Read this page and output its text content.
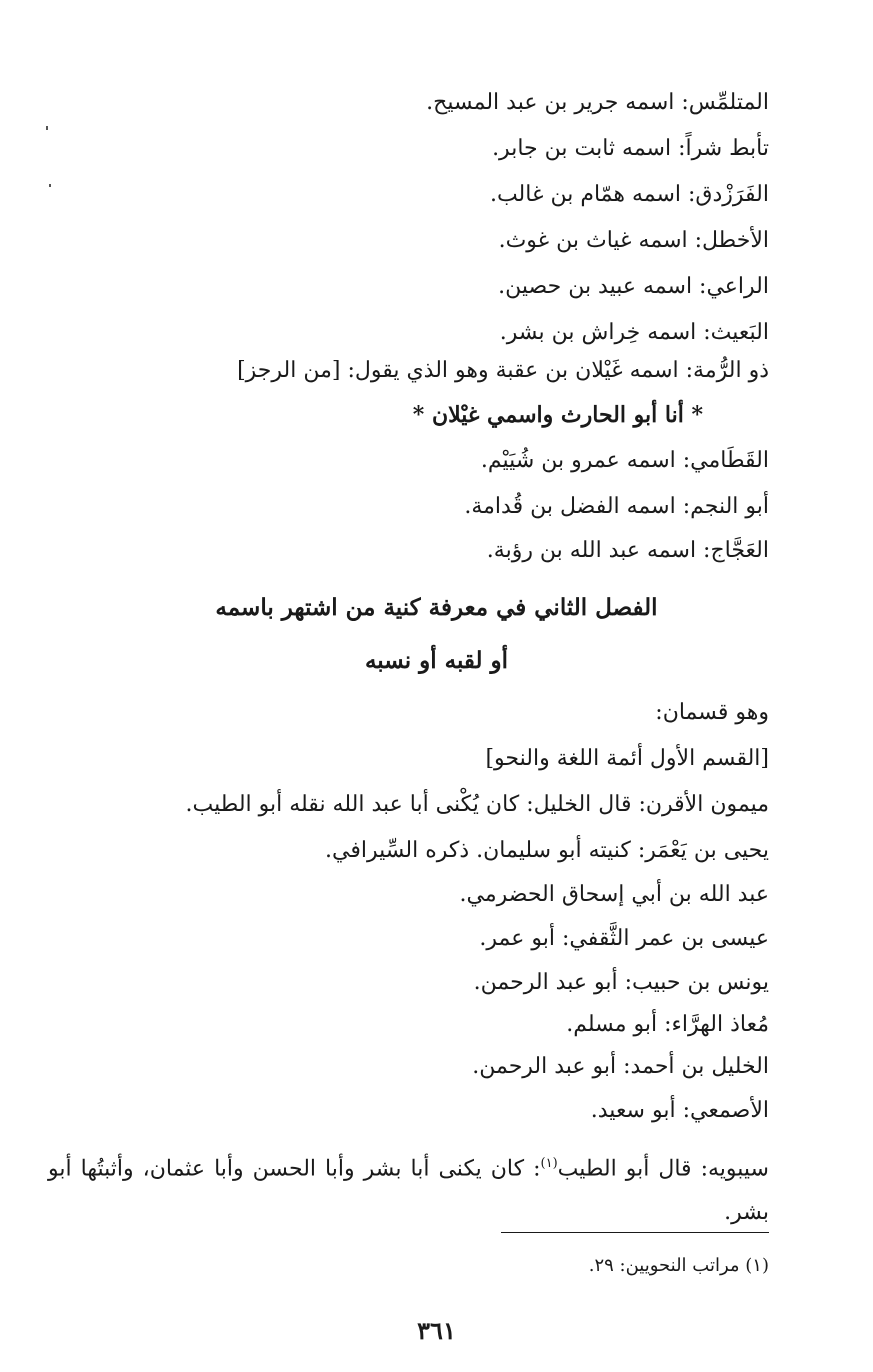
المتلمِّس: اسمه جرير بن عبد المسيح.
تأبط شراً: اسمه ثابت بن جابر.
الفَرَزْدق: اسمه همّام بن غالب.
الأخطل: اسمه غياث بن غوث.
الراعي: اسمه عبيد بن حصين.
البَعيث: اسمه خِراش بن بشر.
ذو الرُّمة: اسمه غَيْلان بن عقبة وهو الذي يقول: [من الرجز]
* أنا أبو الحارث واسمي غيْلان *
القَطَامي: اسمه عمرو بن شُيَيْم.
أبو النجم: اسمه الفضل بن قُدامة.
العَجَّاج: اسمه عبد الله بن رؤبة.
الفصل الثاني في معرفة كنية من اشتهر باسمه
أو لقبه أو نسبه
وهو قسمان:
[القسم الأول أئمة اللغة والنحو]
ميمون الأقرن: قال الخليل: كان يُكْنى أبا عبد الله نقله أبو الطيب.
يحيى بن يَعْمَر: كنيته أبو سليمان. ذكره السِّيرافي.
عبد الله بن أبي إسحاق الحضرمي.
عيسى بن عمر الثَّقفي: أبو عمر.
يونس بن حبيب: أبو عبد الرحمن.
مُعاذ الهرَّاء: أبو مسلم.
الخليل بن أحمد: أبو عبد الرحمن.
الأصمعي: أبو سعيد.
سيبويه: قال أبو الطيب$^{(١)}$: كان يكنى أبا بشر وأبا الحسن وأبا عثمان، وأثبتُها أبو بشر.
(١) مراتب النحويين: ٢٩.
٣٦١
